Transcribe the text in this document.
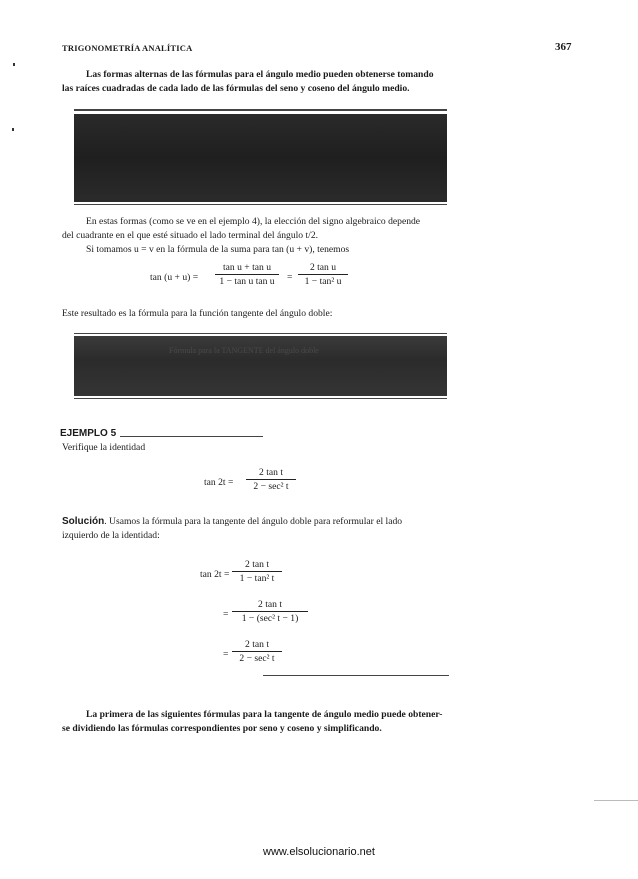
TRIGONOMETRÍA ANALÍTICA	367
Las formas alternas de las fórmulas para el ángulo medio pueden obtenerse tomando
las raíces cuadradas de cada lado de las fórmulas del seno y coseno del ángulo medio.
En estas formas (como se ve en el ejemplo 4), la elección del signo algebraico depende
del cuadrante en el que esté situado el lado terminal del ángulo t/2.
Si tomamos u = v en la fórmula de la suma para tan (u + v), tenemos
$\tan (u + u) = \frac{\text{tan u + tan u}}{\text{1 − tan u tan u}} = \frac{\text{2 tan u}}{\text{1 − tan² u}}$
Este resultado es la fórmula para la función tangente del ángulo doble:
Fórmula para la TANGENTE del ángulo doble
EJEMPLO 5
Verifique la identidad
tan 2t =
2 tan t
2 − sec² t
Solución. Usamos la fórmula para la tangente del ángulo doble para reformular el lado
izquierdo de la identidad:
$\tan 2t = \frac{\text{2 tan t}}{\text{1 − tan² t}}$
=
2 tan t
1 − (sec² t − 1)
=
2 tan t
2 − sec² t
La primera de las siguientes fórmulas para la tangente de ángulo medio puede obtener-
se dividiendo las fórmulas correspondientes por seno y coseno y simplificando.
www.elsolucionario.net
